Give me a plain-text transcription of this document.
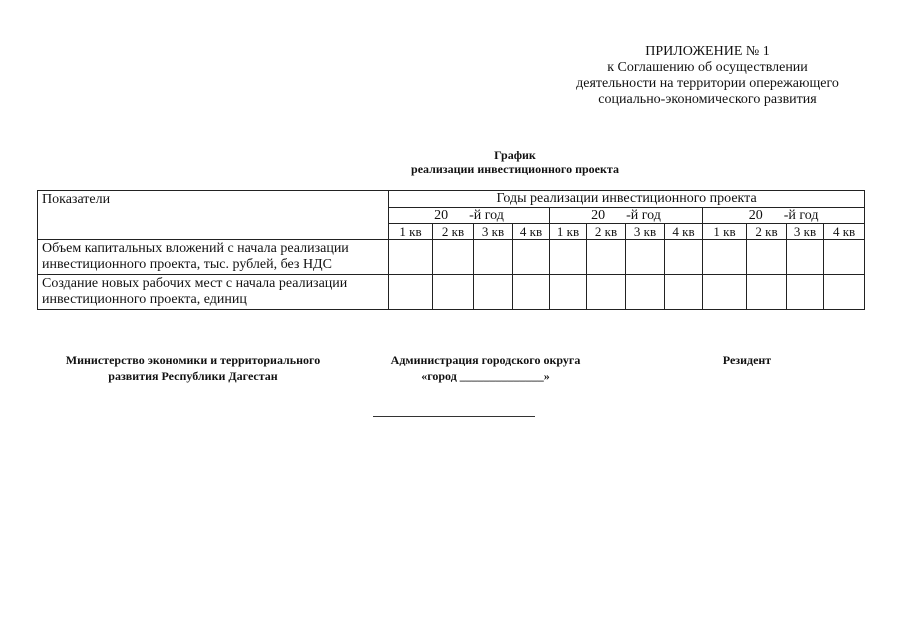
ПРИЛОЖЕНИЕ № 1
к Соглашению об осуществлении
деятельности на территории опережающего
социально-экономического развития
График
реализации инвестиционного проекта
Показатели	Годы реализации инвестиционного проекта											
	20      -й год				20      -й год				20      -й год			
	1 кв	2 кв	3 кв	4 кв	1 кв	2 кв	3 кв	4 кв	1 кв	2 кв	3 кв	4 кв
Объем капитальных вложений с начала реализации инвестиционного проекта, тыс. рублей, без НДС												
Создание новых рабочих мест с начала реализации инвестиционного проекта, единиц												
Министерство экономики и территориального
развития Республики Дагестан
Администрация городского округа
«город ______________»
Резидент
